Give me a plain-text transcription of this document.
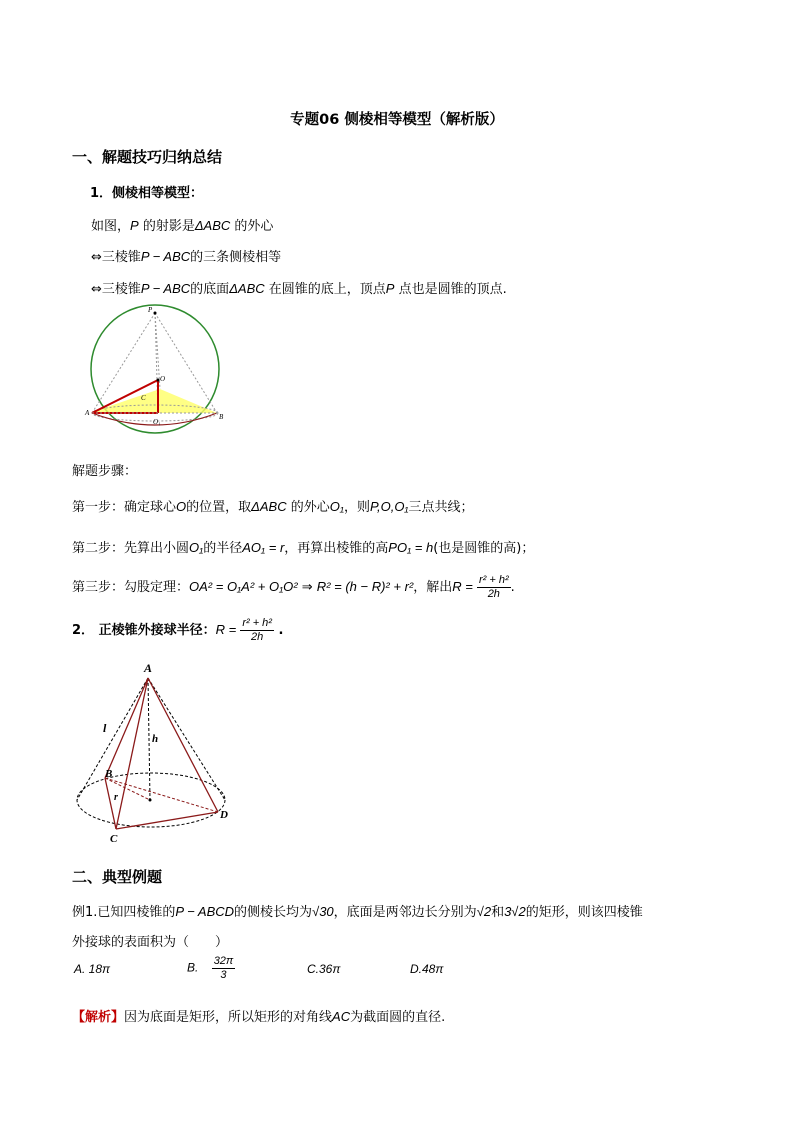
专题06 侧棱相等模型（解析版）
一、解题技巧归纳总结
1．侧棱相等模型：
如图，P 的射影是ΔABC 的外心
⇔三棱锥P − ABC的三条侧棱相等
⇔三棱锥P − ABC的底面ΔABC 在圆锥的底上，顶点P 点也是圆锥的顶点.
P
O
C
A	B
O₁
解题步骤：
第一步：确定球心O的位置，取ΔABC 的外心O₁，则P,O,O₁三点共线；
第二步：先算出小圆O₁的半径AO₁ = r，再算出棱锥的高PO₁ = h(也是圆锥的高)；
第三步：勾股定理：OA² = O₁A² + O₁O² ⇒ R² = (h − R)² + r²，解出$R = \frac{\text{r² + h²}}{2h}$ .
2． 正棱锥外接球半径：$R = \frac{\text{r² + h²}}{2h}$ .
A
l
h
B
r
D
C
二、典型例题
例1.已知四棱锥的P − ABCD的侧棱长均为√30，底面是两邻边长分别为√2和3√2的矩形，则该四棱锥
外接球的表面积为（　　）
A. 18π	B. $\frac{32\pi}{3}$	C.36π	D.48π
【解析】因为底面是矩形，所以矩形的对角线AC为截面圆的直径.
